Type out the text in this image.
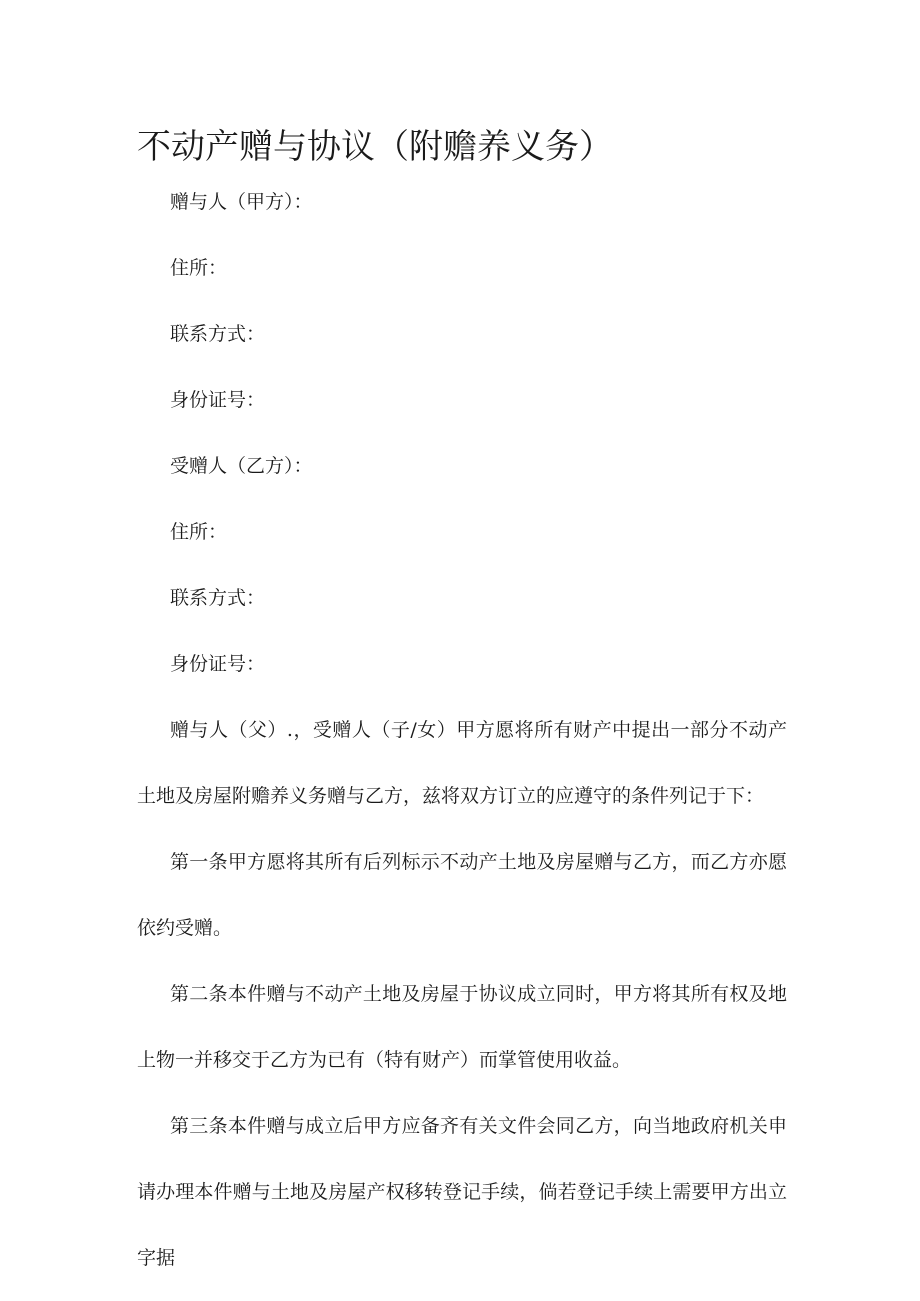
不动产赠与协议（附赡养义务）
赠与人（甲方）：
住所：
联系方式：
身份证号：
受赠人（乙方）：
住所：
联系方式：
身份证号：

赠与人（父）.，受赠人（子/女）甲方愿将所有财产中提出一部分不动产土地及房屋附赡养义务赠与乙方，兹将双方订立的应遵守的条件列记于下：

第一条甲方愿将其所有后列标示不动产土地及房屋赠与乙方，而乙方亦愿依约受赠。

第二条本件赠与不动产土地及房屋于协议成立同时，甲方将其所有权及地上物一并移交于乙方为已有（特有财产）而掌管使用收益。

第三条本件赠与成立后甲方应备齐有关文件会同乙方，向当地政府机关申请办理本件赠与土地及房屋产权移转登记手续，倘若登记手续上需要甲方出立字据
